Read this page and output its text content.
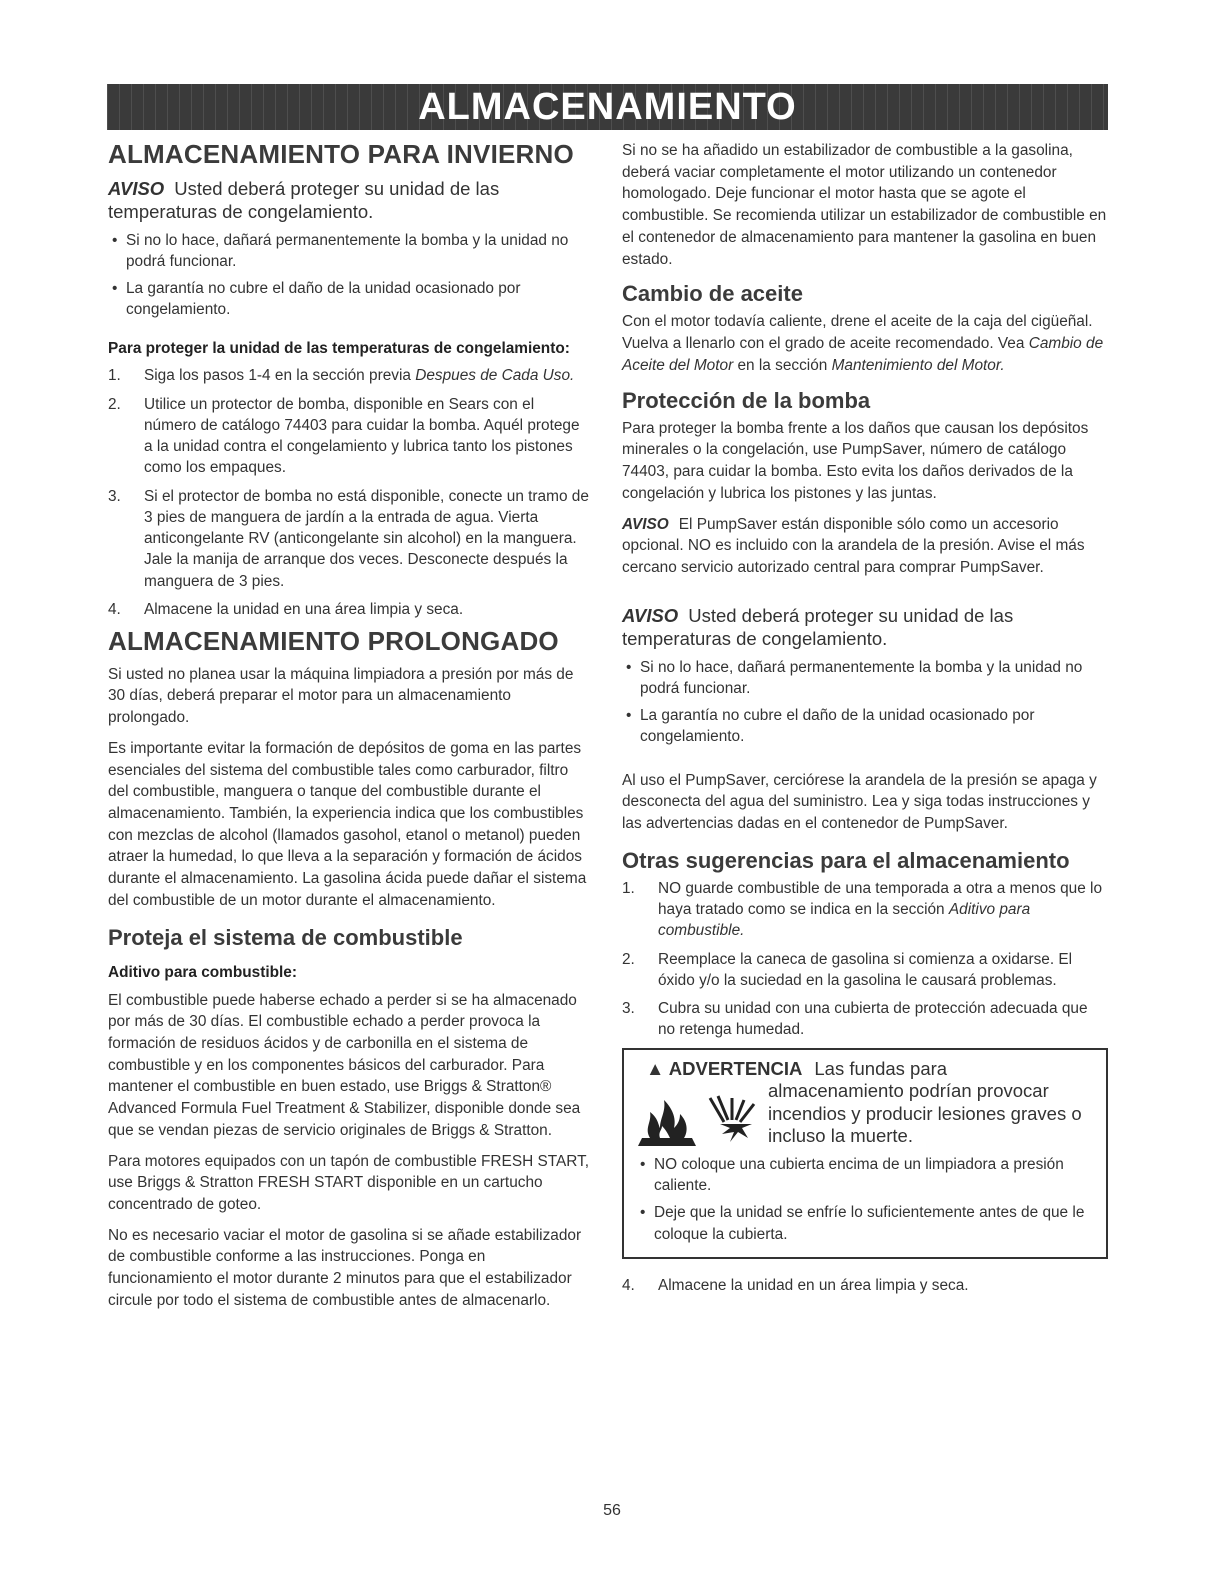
ALMACENAMIENTO
ALMACENAMIENTO PARA INVIERNO

AVISO Usted deberá proteger su unidad de las temperaturas de congelamiento.

• Si no lo hace, dañará permanentemente la bomba y la unidad no podrá funcionar.
• La garantía no cubre el daño de la unidad ocasionado por congelamiento.
Para proteger la unidad de las temperaturas de congelamiento:
1.	Siga los pasos 1-4 en la sección previa Despues de Cada Uso.
2.	Utilice un protector de bomba, disponible en Sears con el número de catálogo 74403 para cuidar la bomba. Aquél protege a la unidad contra el congelamiento y lubrica tanto los pistones como los empaques.
3.	Si el protector de bomba no está disponible, conecte un tramo de 3 pies de manguera de jardín a la entrada de agua. Vierta anticongelante RV (anticongelante sin alcohol) en la manguera. Jale la manija de arranque dos veces. Desconecte después la manguera de 3 pies.
4.	Almacene la unidad en una área limpia y seca.
ALMACENAMIENTO PROLONGADO

Si usted no planea usar la máquina limpiadora a presión por más de 30 días, deberá preparar el motor para un almacenamiento prolongado.

Es importante evitar la formación de depósitos de goma en las partes esenciales del sistema del combustible tales como carburador, filtro del combustible, manguera o tanque del combustible durante el almacenamiento. También, la experiencia indica que los combustibles con mezclas de alcohol (llamados gasohol, etanol o metanol) pueden atraer la humedad, lo que lleva a la separación y formación de ácidos durante el almacenamiento. La gasolina ácida puede dañar el sistema del combustible de un motor durante el almacenamiento.

Proteja el sistema de combustible
Aditivo para combustible:

El combustible puede haberse echado a perder si se ha almacenado por más de 30 días. El combustible echado a perder provoca la formación de residuos ácidos y de carbonilla en el sistema de combustible y en los componentes básicos del carburador. Para mantener el combustible en buen estado, use Briggs & Stratton® Advanced Formula Fuel Treatment & Stabilizer, disponible donde sea que se vendan piezas de servicio originales de Briggs & Stratton.

Para motores equipados con un tapón de combustible FRESH START, use Briggs & Stratton FRESH START disponible en un cartucho concentrado de goteo.

No es necesario vaciar el motor de gasolina si se añade estabilizador de combustible conforme a las instrucciones. Ponga en funcionamiento el motor durante 2 minutos para que el estabilizador circule por todo el sistema de combustible antes de almacenarlo.

Si no se ha añadido un estabilizador de combustible a la gasolina, deberá vaciar completamente el motor utilizando un contenedor homologado. Deje funcionar el motor hasta que se agote el combustible. Se recomienda utilizar un estabilizador de combustible en el contenedor de almacenamiento para mantener la gasolina en buen estado.

Cambio de aceite

Con el motor todavía caliente, drene el aceite de la caja del cigüeñal. Vuelva a llenarlo con el grado de aceite recomendado. Vea Cambio de Aceite del Motor en la sección Mantenimiento del Motor.

Protección de la bomba

Para proteger la bomba frente a los daños que causan los depósitos minerales o la congelación, use PumpSaver, número de catálogo 74403, para cuidar la bomba. Esto evita los daños derivados de la congelación y lubrica los pistones y las juntas.

AVISO El PumpSaver están disponible sólo como un accesorio opcional. NO es incluido con la arandela de la presión. Avise el más cercano servicio autorizado central para comprar PumpSaver.

AVISO Usted deberá proteger su unidad de las temperaturas de congelamiento.

• Si no lo hace, dañará permanentemente la bomba y la unidad no podrá funcionar.
• La garantía no cubre el daño de la unidad ocasionado por congelamiento.

Al uso el PumpSaver, cerciórese la arandela de la presión se apaga y desconecta del agua del suministro. Lea y siga todas instrucciones y las advertencias dadas en el contenedor de PumpSaver.

Otras sugerencias para el almacenamiento
1.	NO guarde combustible de una temporada a otra a menos que lo haya tratado como se indica en la sección Aditivo para combustible.
2.	Reemplace la caneca de gasolina si comienza a oxidarse. El óxido y/o la suciedad en la gasolina le causará problemas.
3.	Cubra su unidad con una cubierta de protección adecuada que no retenga humedad.
▲ ADVERTENCIA Las fundas para
almacenamiento podrían provocar incendios y producir lesiones graves o incluso la muerte.
• NO coloque una cubierta encima de un limpiadora a presión caliente.
• Deje que la unidad se enfríe lo suficientemente antes de que le coloque la cubierta.
4.	Almacene la unidad en un área limpia y seca.
56
